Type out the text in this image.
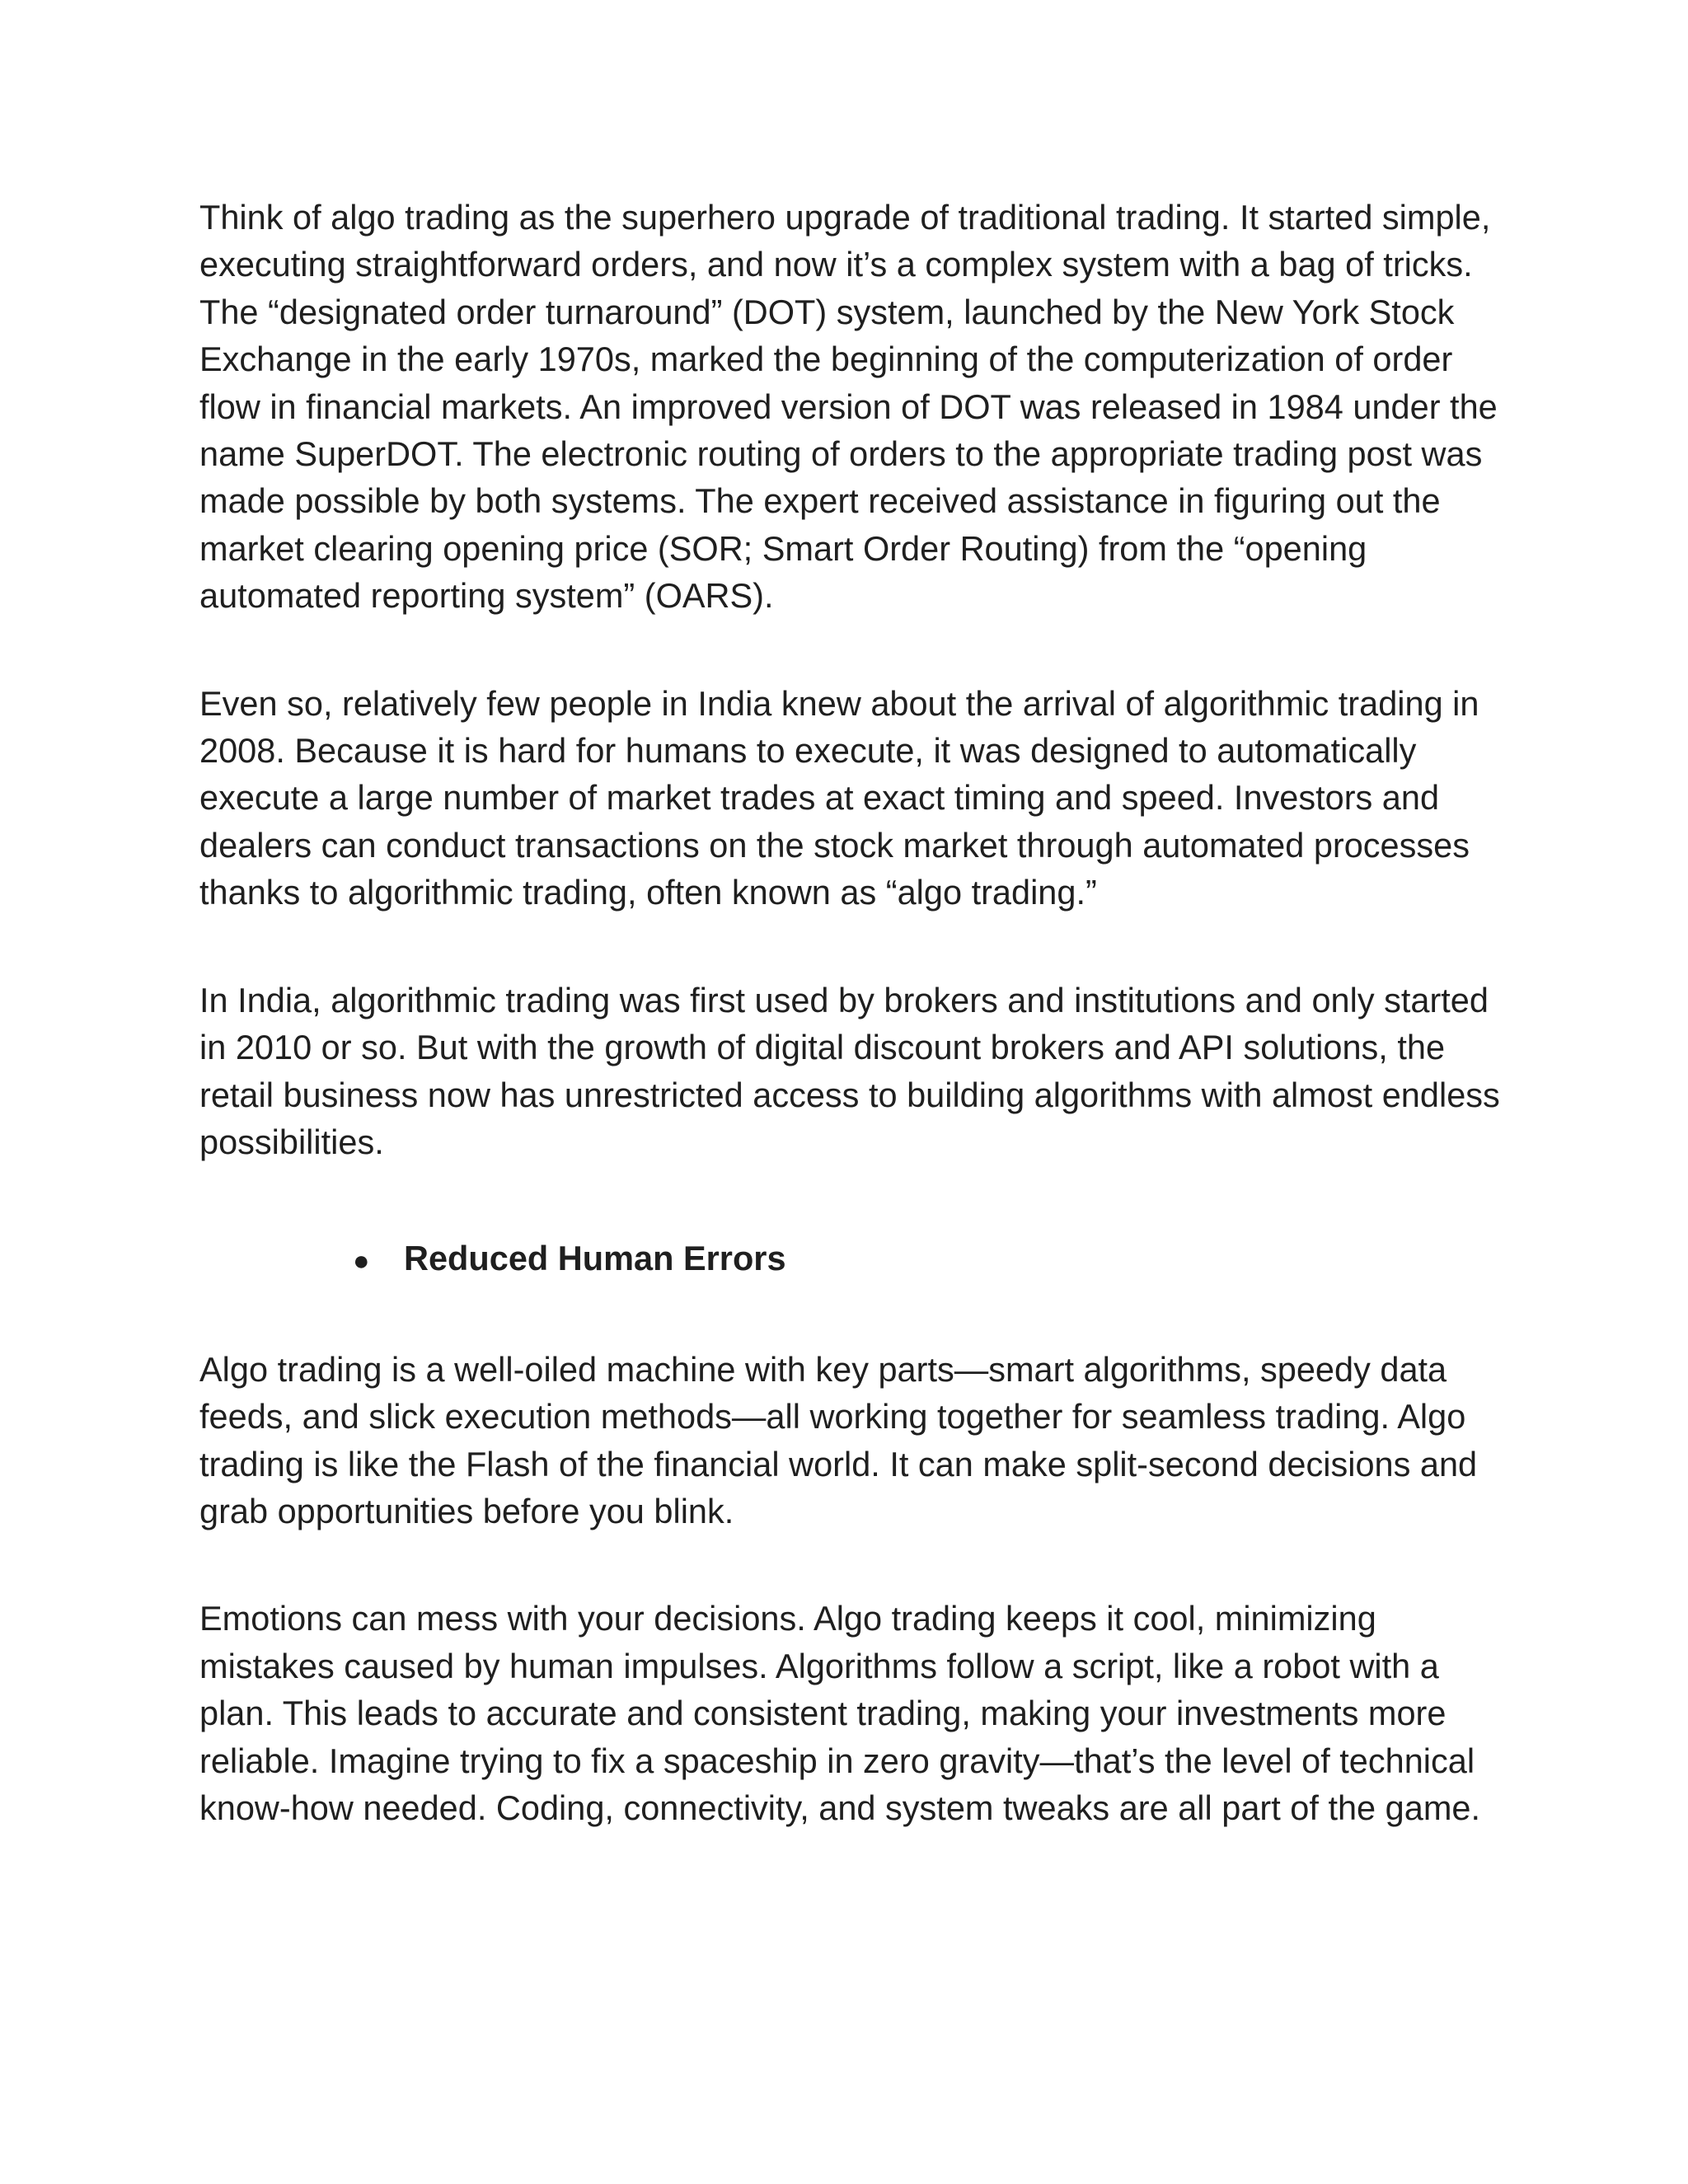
Think of algo trading as the superhero upgrade of traditional trading. It started simple, executing straightforward orders, and now it’s a complex system with a bag of tricks. The “designated order turnaround” (DOT) system, launched by the New York Stock Exchange in the early 1970s, marked the beginning of the computerization of order flow in financial markets. An improved version of DOT was released in 1984 under the name SuperDOT. The electronic routing of orders to the appropriate trading post was made possible by both systems. The expert received assistance in figuring out the market clearing opening price (SOR; Smart Order Routing) from the “opening automated reporting system” (OARS).

Even so, relatively few people in India knew about the arrival of algorithmic trading in 2008. Because it is hard for humans to execute, it was designed to automatically execute a large number of market trades at exact timing and speed. Investors and dealers can conduct transactions on the stock market through automated processes thanks to algorithmic trading, often known as “algo trading.”

In India, algorithmic trading was first used by brokers and institutions and only started in 2010 or so. But with the growth of digital discount brokers and API solutions, the retail business now has unrestricted access to building algorithms with almost endless possibilities.

● Reduced Human Errors

Algo trading is a well-oiled machine with key parts—smart algorithms, speedy data feeds, and slick execution methods—all working together for seamless trading. Algo trading is like the Flash of the financial world. It can make split-second decisions and grab opportunities before you blink.

Emotions can mess with your decisions. Algo trading keeps it cool, minimizing mistakes caused by human impulses. Algorithms follow a script, like a robot with a plan. This leads to accurate and consistent trading, making your investments more reliable. Imagine trying to fix a spaceship in zero gravity—that’s the level of technical know-how needed. Coding, connectivity, and system tweaks are all part of the game.
